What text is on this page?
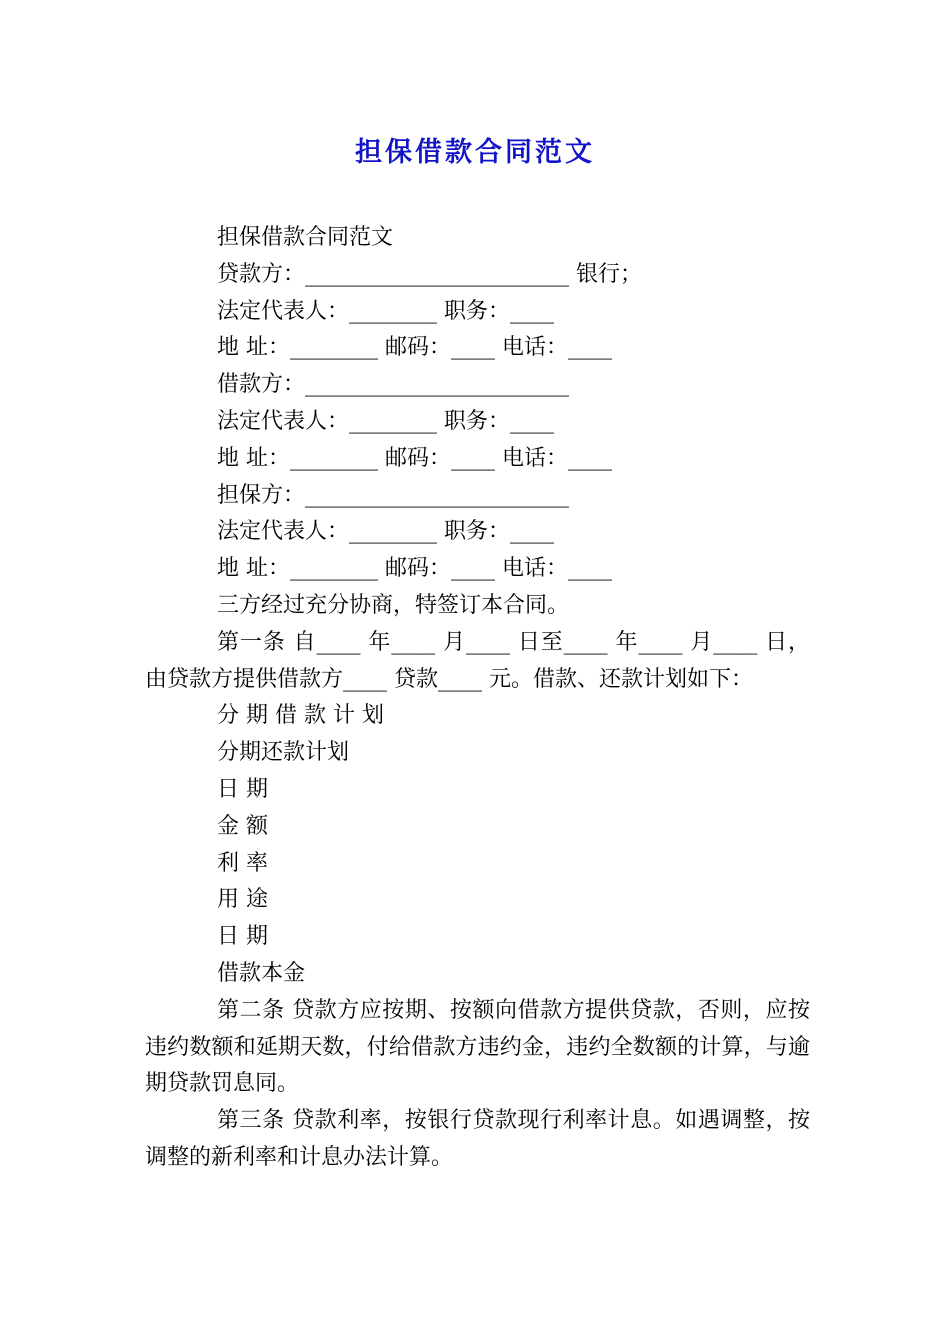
担保借款合同范文

担保借款合同范文

贷款方：________________________ 银行；

法定代表人：________ 职务：____

地 址：________ 邮码：____ 电话：____

借款方：________________________

法定代表人：________ 职务：____

地 址：________ 邮码：____ 电话：____

担保方：________________________

法定代表人：________ 职务：____

地 址：________ 邮码：____ 电话：____

三方经过充分协商，特签订本合同。

第一条 自____ 年____ 月____ 日至____ 年____ 月____ 日，由贷款方提供借款方____ 贷款____ 元。借款、还款计划如下：

分 期 借 款 计 划

分期还款计划

日 期

金 额

利 率

用 途

日 期

借款本金

第二条 贷款方应按期、按额向借款方提供贷款，否则，应按违约数额和延期天数，付给借款方违约金，违约全数额的计算，与逾期贷款罚息同。

第三条 贷款利率，按银行贷款现行利率计息。如遇调整，按调整的新利率和计息办法计算。
